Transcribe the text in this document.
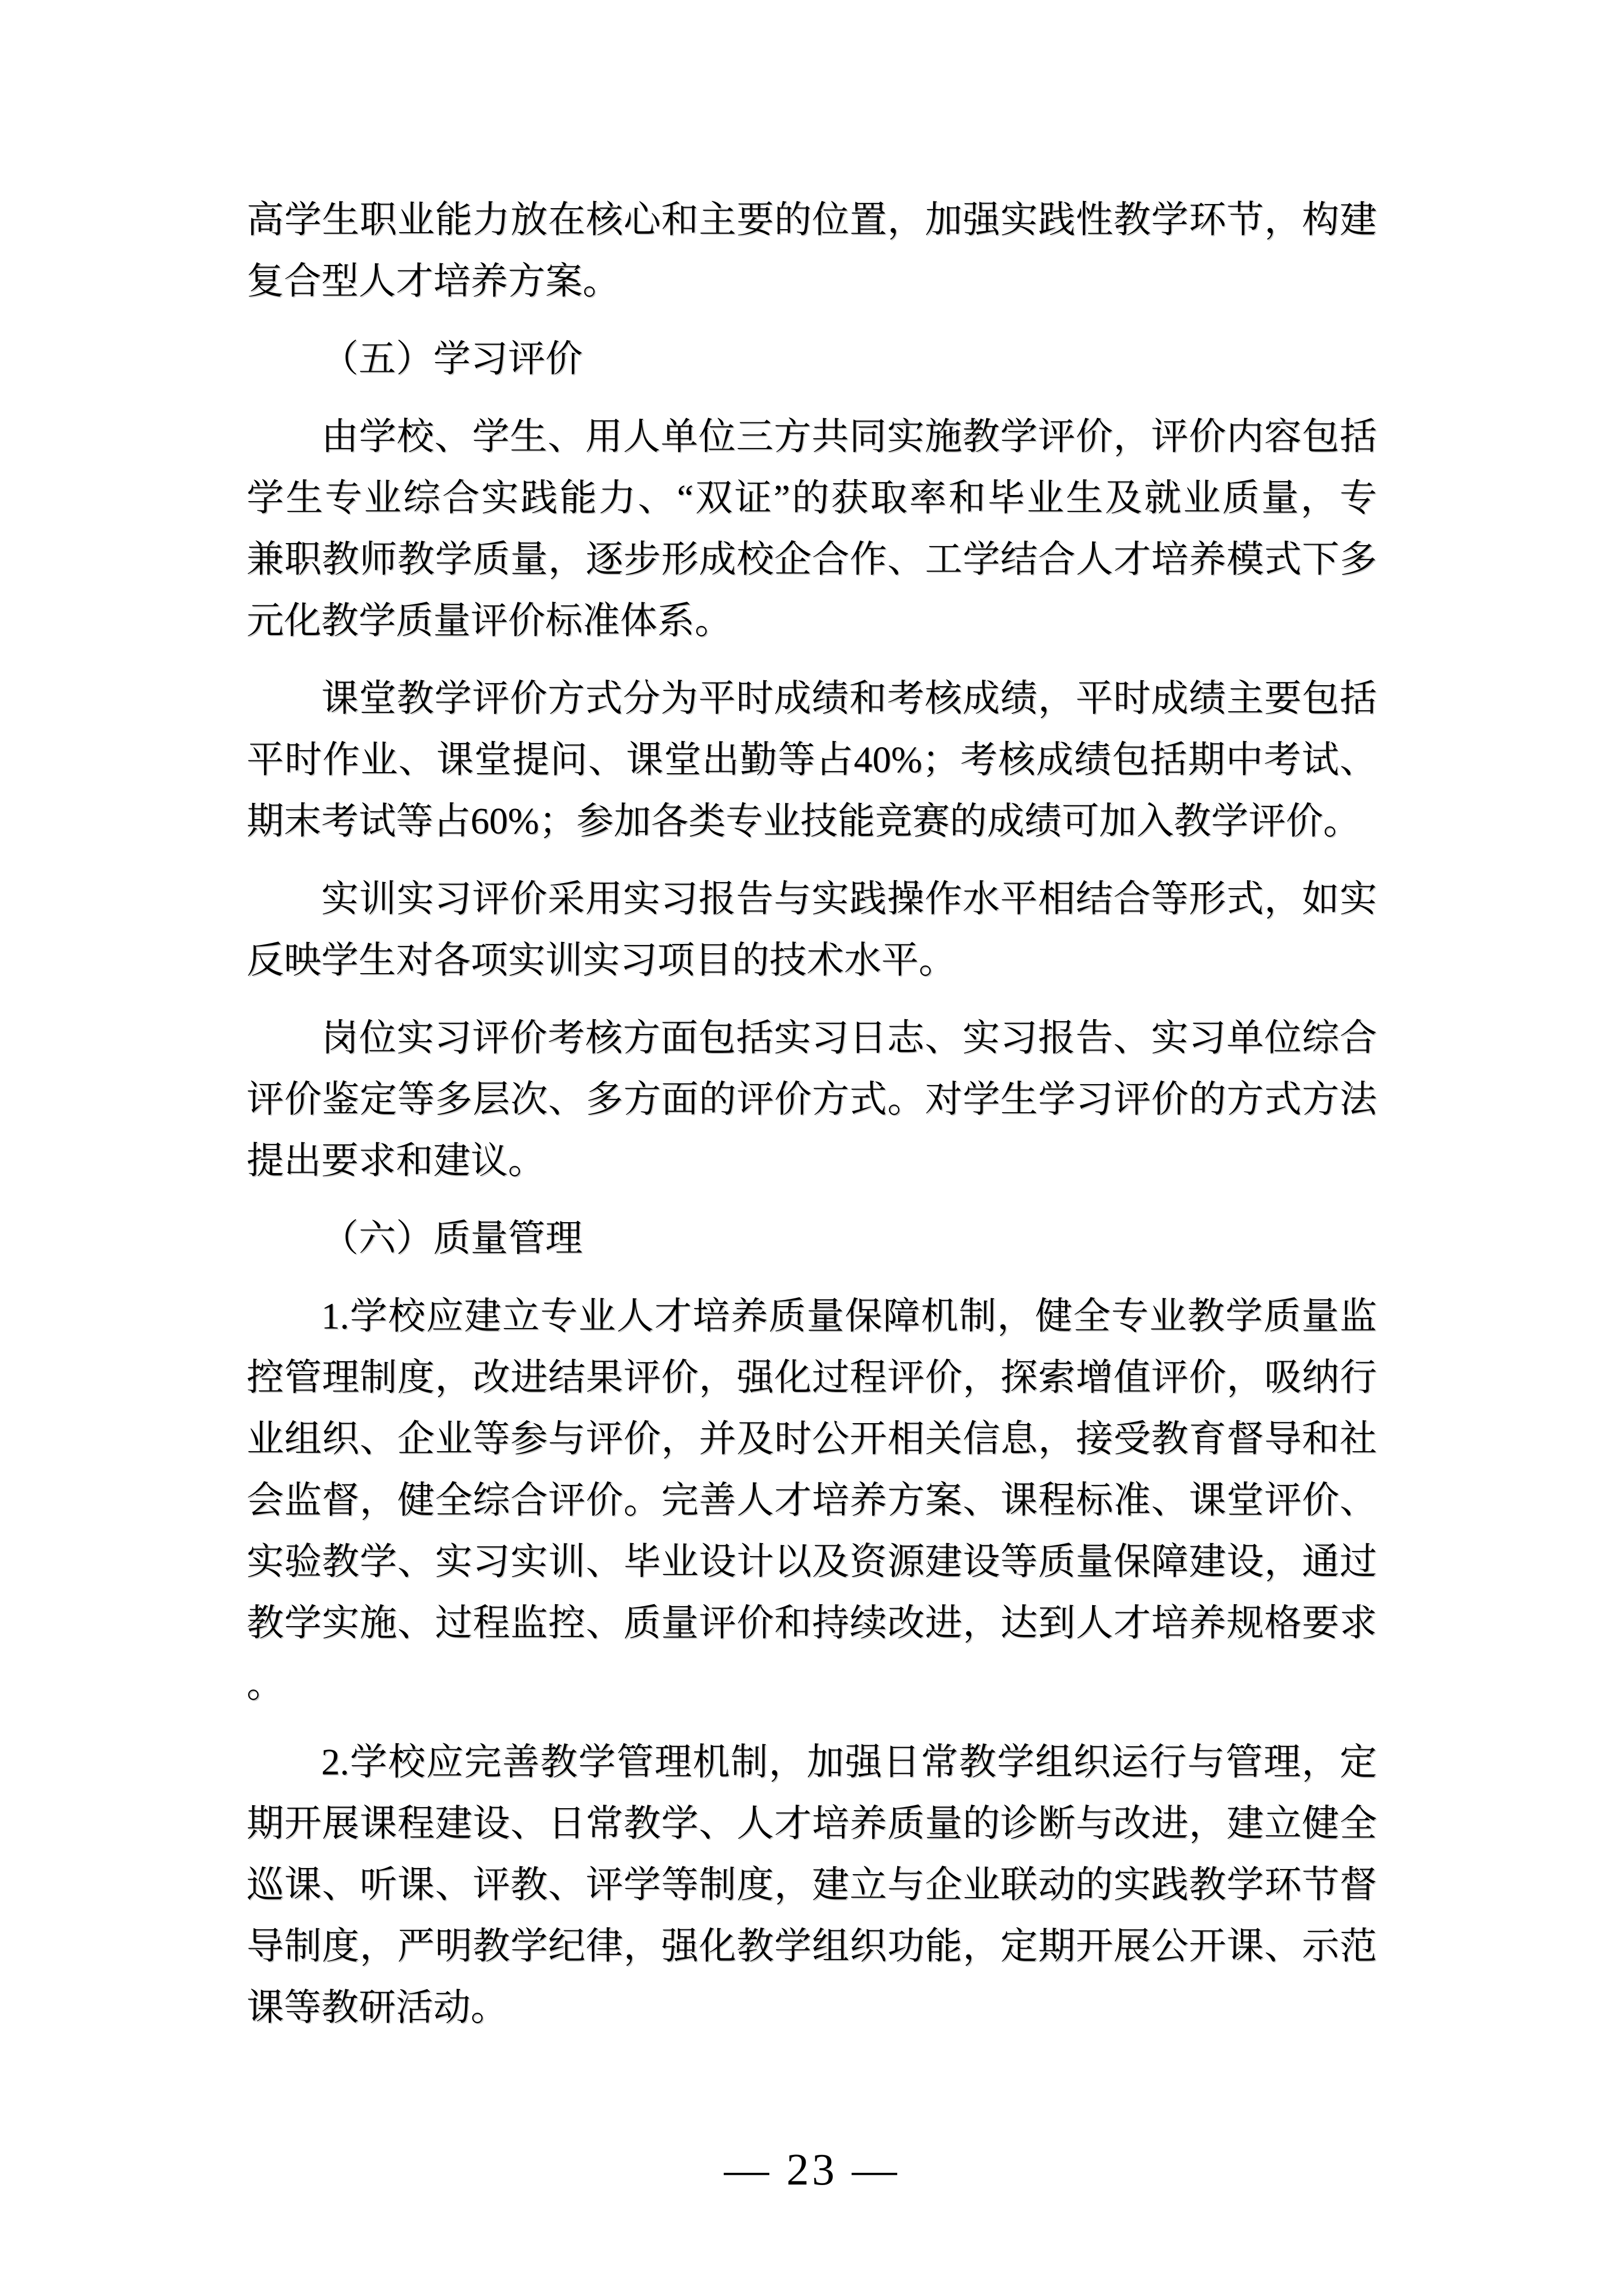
高学生职业能力放在核心和主要的位置，加强实践性教学环节，构建
复合型人才培养方案。
（五）学习评价
由学校、学生、用人单位三方共同实施教学评价，评价内容包括
学生专业综合实践能力、“双证”的获取率和毕业生及就业质量，专
兼职教师教学质量，逐步形成校企合作、工学结合人才培养模式下多
元化教学质量评价标准体系。
课堂教学评价方式分为平时成绩和考核成绩，平时成绩主要包括
平时作业、课堂提问、课堂出勤等占40%；考核成绩包括期中考试、
期末考试等占60%；参加各类专业技能竞赛的成绩可加入教学评价。
实训实习评价采用实习报告与实践操作水平相结合等形式，如实
反映学生对各项实训实习项目的技术水平。
岗位实习评价考核方面包括实习日志、实习报告、实习单位综合
评价鉴定等多层次、多方面的评价方式。对学生学习评价的方式方法
提出要求和建议。
（六）质量管理
1.学校应建立专业人才培养质量保障机制，健全专业教学质量监
控管理制度，改进结果评价，强化过程评价，探索增值评价，吸纳行
业组织、企业等参与评价，并及时公开相关信息，接受教育督导和社
会监督，健全综合评价。完善人才培养方案、课程标准、课堂评价、
实验教学、实习实训、毕业设计以及资源建设等质量保障建设，通过
教学实施、过程监控、质量评价和持续改进，达到人才培养规格要求
。
2.学校应完善教学管理机制，加强日常教学组织运行与管理，定
期开展课程建设、日常教学、人才培养质量的诊断与改进，建立健全
巡课、听课、评教、评学等制度，建立与企业联动的实践教学环节督
导制度，严明教学纪律，强化教学组织功能，定期开展公开课、示范
课等教研活动。
— 23 —
